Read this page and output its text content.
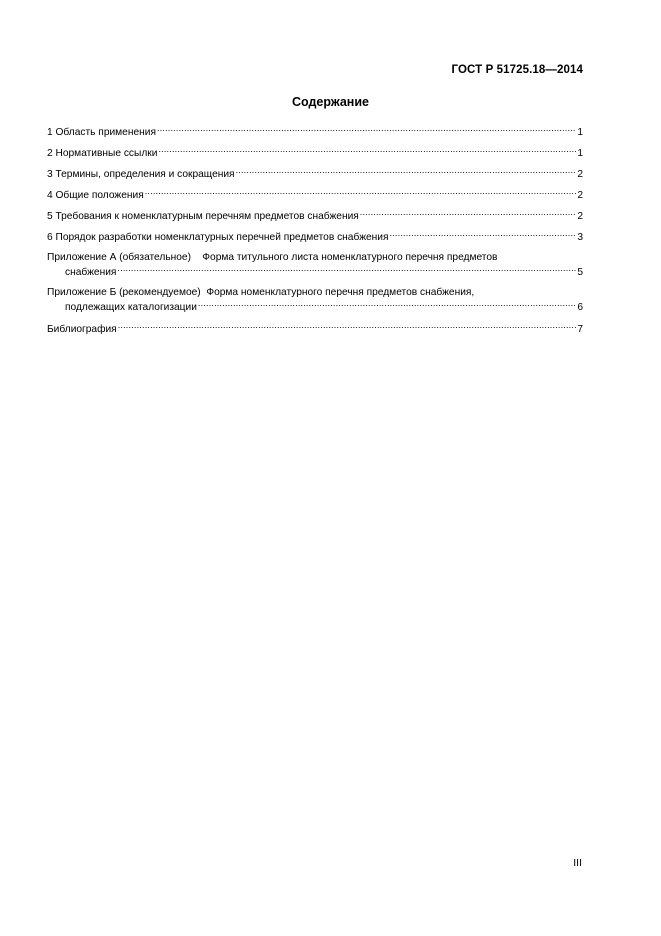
ГОСТ Р 51725.18—2014
Содержание
1 Область применения .....	1
2 Нормативные ссылки .....	1
3 Термины, определения и сокращения .....	2
4 Общие положения .....	2
5 Требования к номенклатурным перечням предметов снабжения .....	2
6 Порядок разработки номенклатурных перечней предметов снабжения .....	3
Приложение А (обязательное)    Форма титульного листа номенклатурного перечня предметов
снабжения .....	5
Приложение Б (рекомендуемое)  Форма номенклатурного перечня предметов снабжения,
подлежащих каталогизации .....	6
Библиография .....	7
III
